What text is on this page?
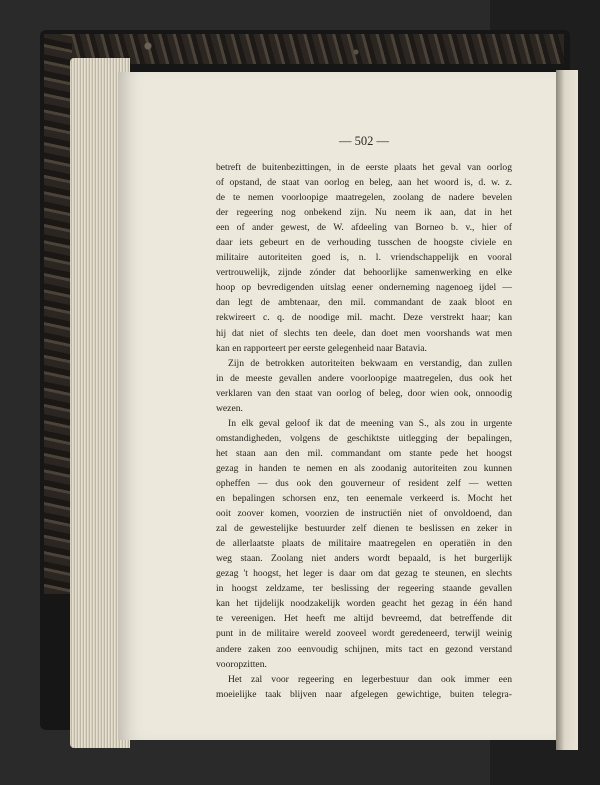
— 502 —
betreft de buitenbezittingen, in de eerste plaats het geval van oorlog
of opstand, de staat van oorlog en beleg, aan het woord is, d. w. z.
de te nemen voorloopige maatregelen, zoolang de nadere bevelen
der regeering nog onbekend zijn. Nu neem ik aan, dat in het
een of ander gewest, de W. afdeeling van Borneo b. v., hier of
daar iets gebeurt en de verhouding tusschen de hoogste civiele en
militaire autoriteiten goed is, n. l. vriendschappelijk en vooral
vertrouwelijk, zijnde zónder dat behoorlijke samenwerking en elke
hoop op bevredigenden uitslag eener onderneming nagenoeg ijdel —
dan legt de ambtenaar, den mil. commandant de zaak bloot en
rekwireert c. q. de noodige mil. macht. Deze verstrekt haar; kan
hij dat niet of slechts ten deele, dan doet men voorshands wat men
kan en rapporteert per eerste gelegenheid naar Batavia.
Zijn de betrokken autoriteiten bekwaam en verstandig, dan zullen
in de meeste gevallen andere voorloopige maatregelen, dus ook het
verklaren van den staat van oorlog of beleg, door wien ook, onnoodig
wezen.
In elk geval geloof ik dat de meening van S., als zou in urgente
omstandigheden, volgens de geschiktste uitlegging der bepalingen,
het staan aan den mil. commandant om stante pede het hoogst
gezag in handen te nemen en als zoodanig autoriteiten zou kunnen
opheffen — dus ook den gouverneur of resident zelf — wetten
en bepalingen schorsen enz, ten eenemale verkeerd is. Mocht het
ooit zoover komen, voorzien de instructiën niet of onvoldoend, dan
zal de gewestelijke bestuurder zelf dienen te beslissen en zeker in
de allerlaatste plaats de militaire maatregelen en operatiën in den
weg staan. Zoolang niet anders wordt bepaald, is het burgerlijk
gezag 't hoogst, het leger is daar om dat gezag te steunen, en slechts
in hoogst zeldzame, ter beslissing der regeering staande gevallen
kan het tijdelijk noodzakelijk worden geacht het gezag in één hand
te vereenigen. Het heeft me altijd bevreemd, dat betreffende dit
punt in de militaire wereld zooveel wordt geredeneerd, terwijl weinig
andere zaken zoo eenvoudig schijnen, mits tact en gezond verstand
vooropzitten.
Het zal voor regeering en legerbestuur dan ook immer een
moeielijke taak blijven naar afgelegen gewichtige, buiten telegra-
